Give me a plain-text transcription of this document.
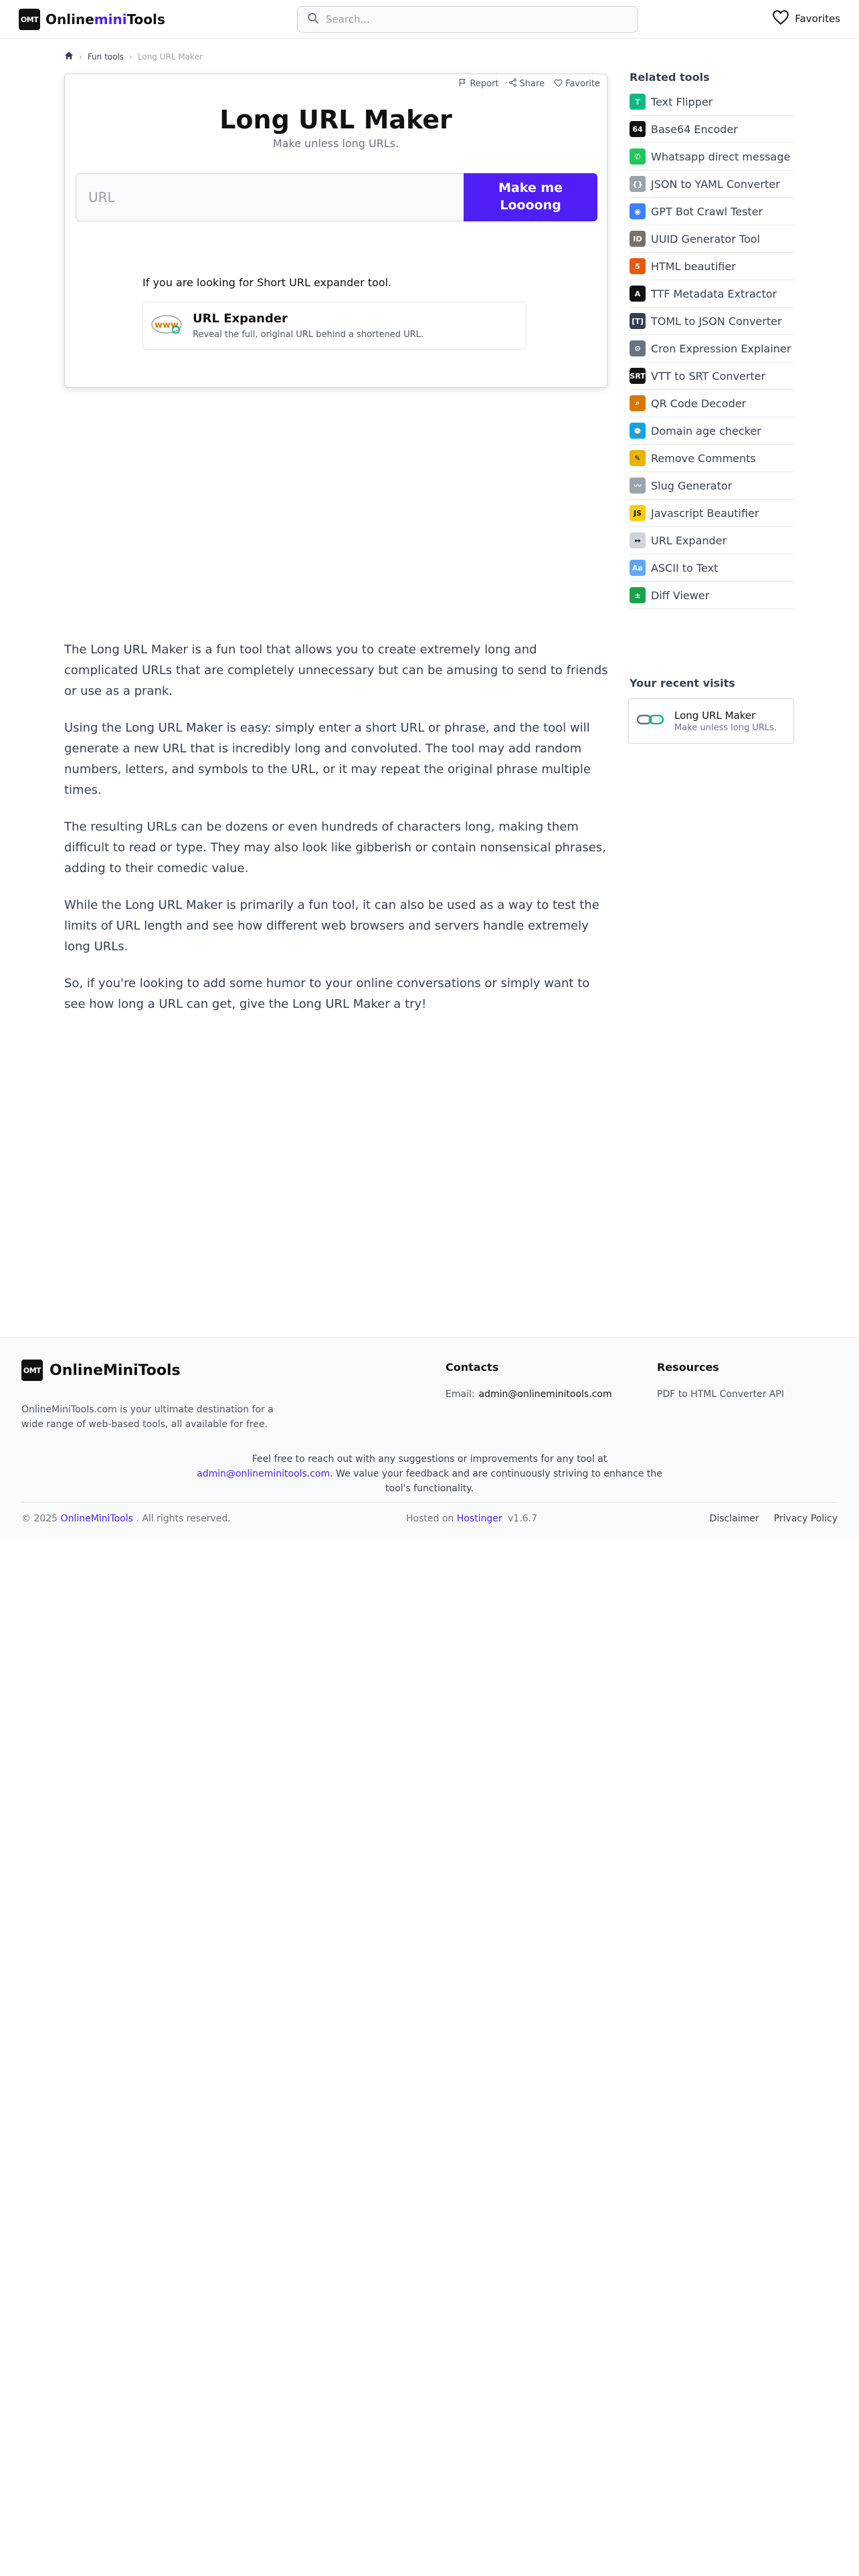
OMT OnlineminiTools
Search...	Favorites
› Fun tools › Long URL Maker
Report Share Favorite
Long URL Maker
Make unless long URLs.
URL
Make me
Loooong
If you are looking for Short URL expander tool.
www URL Expander
Reveal the full, original URL behind a shortened URL.

The Long URL Maker is a fun tool that allows you to create extremely long and complicated URLs that are completely unnecessary but can be amusing to send to friends or use as a prank.

Using the Long URL Maker is easy: simply enter a short URL or phrase, and the tool will generate a new URL that is incredibly long and convoluted. The tool may add random numbers, letters, and symbols to the URL, or it may repeat the original phrase multiple times.

The resulting URLs can be dozens or even hundreds of characters long, making them difficult to read or type. They may also look like gibberish or contain nonsensical phrases, adding to their comedic value.

While the Long URL Maker is primarily a fun tool, it can also be used as a way to test the limits of URL length and see how different web browsers and servers handle extremely long URLs.

So, if you're looking to add some humor to your online conversations or simply want to see how long a URL can get, give the Long URL Maker a try!

Related tools
T	Text Flipper
64 Base64 Encoder
✆ Whatsapp direct message
{} JSON to YAML Converter
◉ GPT Bot Crawl Tester
ID UUID Generator Tool
5	HTML beautifier
A TTF Metadata Extractor
[T] TOML to JSON Converter
⚙ Cron Expression Explainer
SRT VTT to SRT Converter
⌕	QR Code Decoder
⌚ Domain age checker
✎ Remove Comments
〰 Slug Generator
JS Javascript Beautifier
↔ URL Expander
Aa ASCII to Text
± Diff Viewer
Your recent visits
Long URL Maker
Make unless long URLs.
OMT OnlineMiniTools
OnlineMiniTools.com is your ultimate destination for a wide range of web-based tools, all available for free.
Contacts
Email: admin@onlineminitools.com
Resources
PDF to HTML Converter API
Feel free to reach out with any suggestions or improvements for any tool at admin@onlineminitools.com. We value your feedback and are continuously striving to enhance the tool's functionality.
© 2025 OnlineMiniTools . All rights reserved.	Hosted on Hostinger v1.6.7	Disclaimer Privacy Policy
